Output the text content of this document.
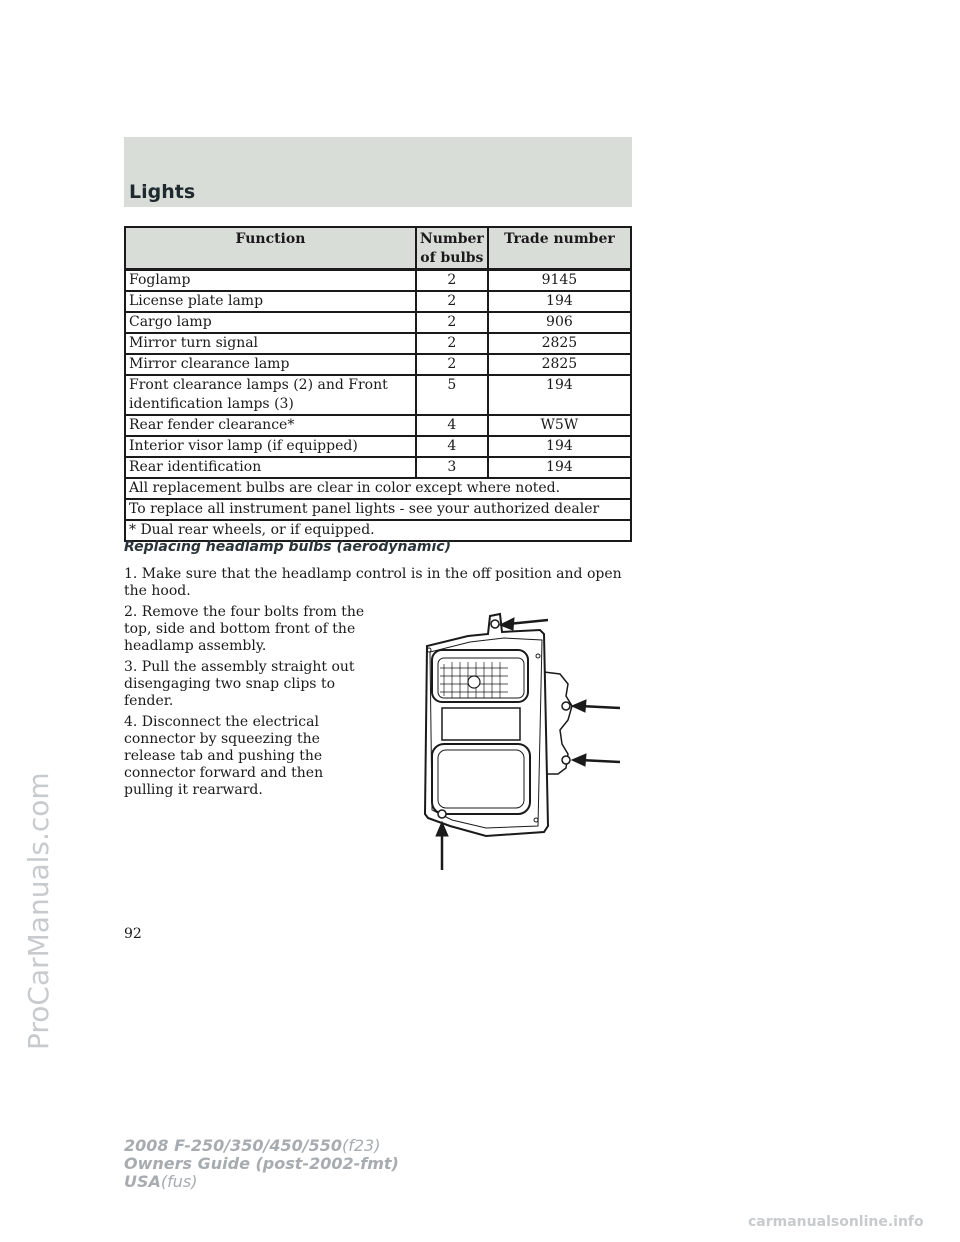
Lights
Function	Number of bulbs	Trade number
Foglamp	2	9145
License plate lamp	2	194
Cargo lamp	2	906
Mirror turn signal	2	2825
Mirror clearance lamp	2	2825
Front clearance lamps (2) and Front identification lamps (3)	5	194
Rear fender clearance*	4	W5W
Interior visor lamp (if equipped)	4	194
Rear identification	3	194
All replacement bulbs are clear in color except where noted.		
To replace all instrument panel lights - see your authorized dealer		
* Dual rear wheels, or if equipped.		
Replacing headlamp bulbs (aerodynamic)

1. Make sure that the headlamp control is in the off position and open the hood.

2. Remove the four bolts from the top, side and bottom front of the headlamp assembly.

3. Pull the assembly straight out disengaging two snap clips to fender.

4. Disconnect the electrical connector by squeezing the release tab and pushing the connector forward and then pulling it rearward.

92

2008 F-250/350/450/550(f23)
Owners Guide (post-2002-fmt)
USA(fus)
ProCarManuals.com
carmanualsonline.info
